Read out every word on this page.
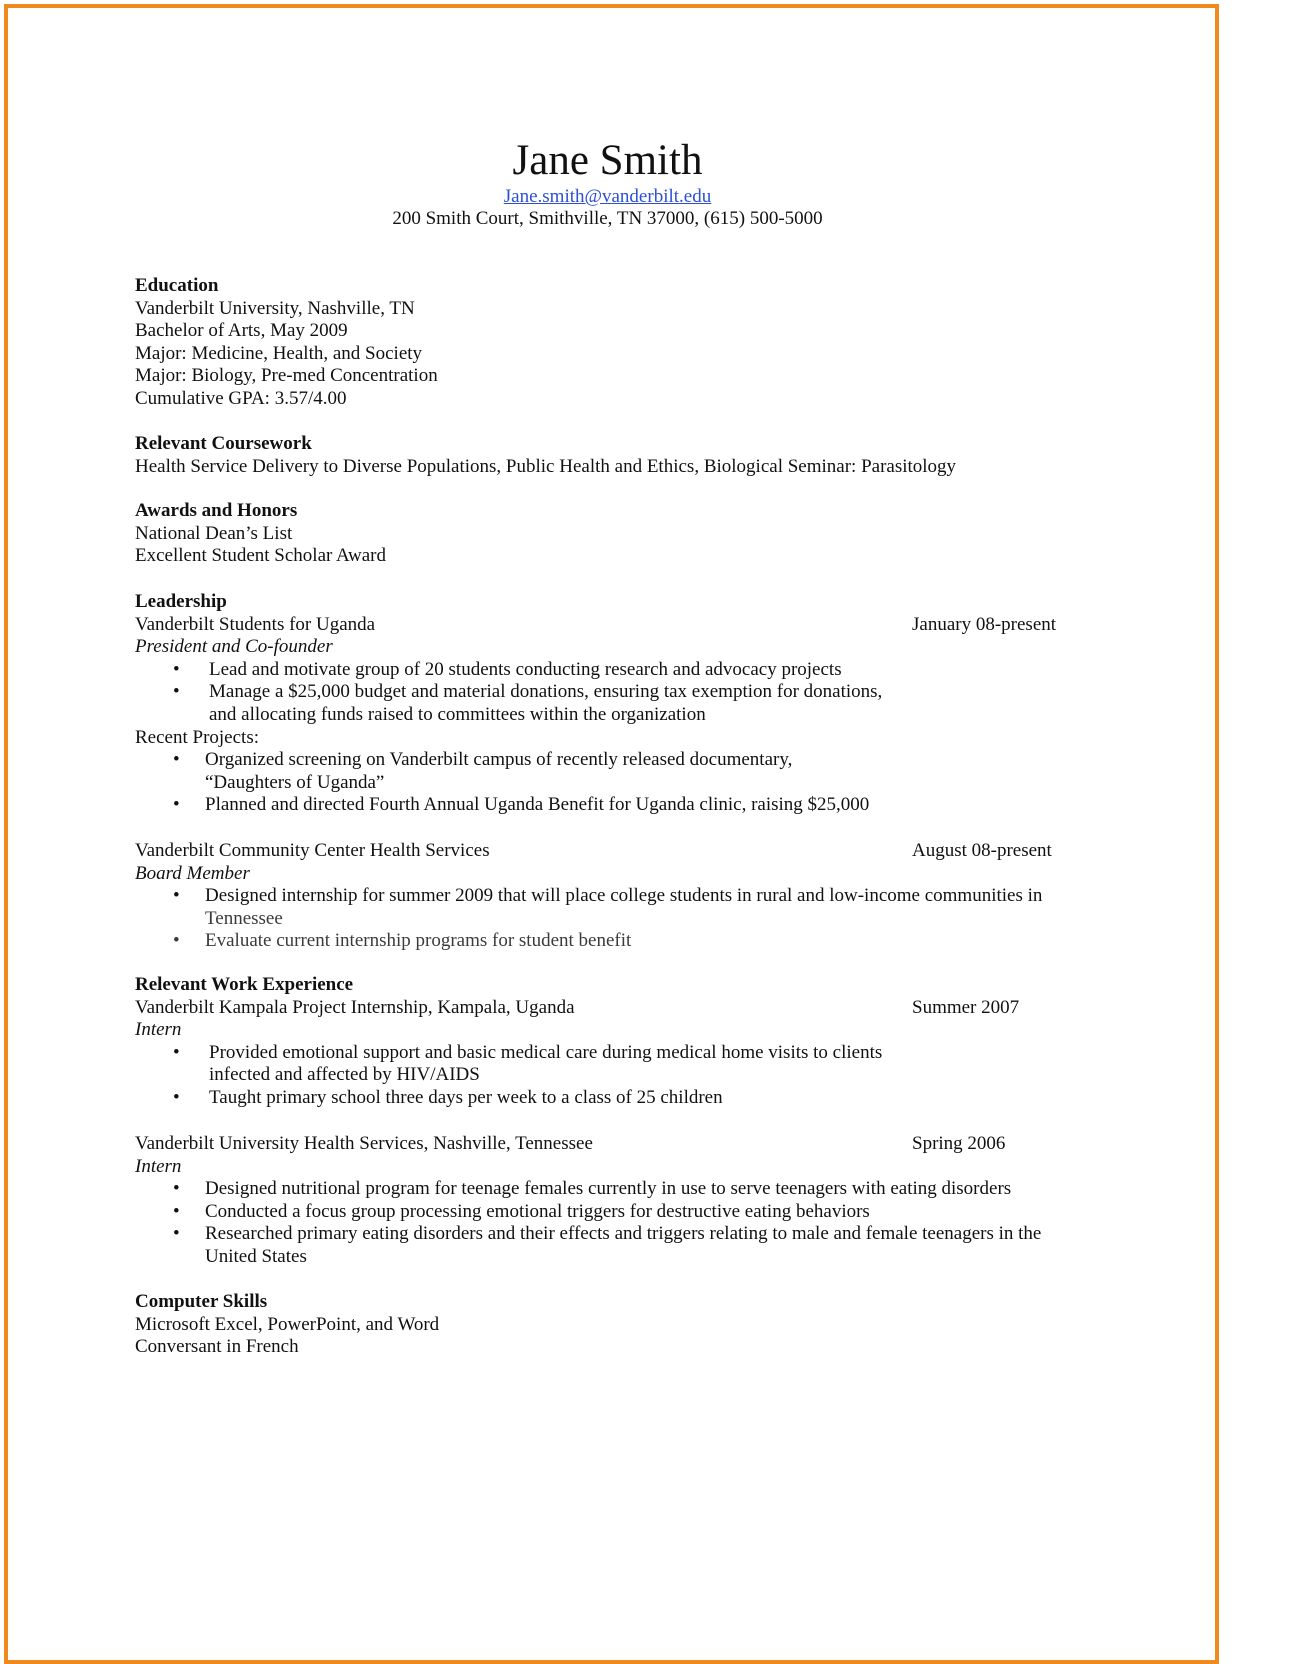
Jane Smith
Jane.smith@vanderbilt.edu
200 Smith Court, Smithville, TN 37000, (615) 500-5000
Education
Vanderbilt University, Nashville, TN
Bachelor of Arts, May 2009
Major: Medicine, Health, and Society
Major: Biology, Pre-med Concentration
Cumulative GPA: 3.57/4.00
Relevant Coursework
Health Service Delivery to Diverse Populations, Public Health and Ethics, Biological Seminar: Parasitology
Awards and Honors
National Dean’s List
Excellent Student Scholar Award
Leadership
Vanderbilt Students for Uganda	January 08-present
President and Co-founder
• Lead and motivate group of 20 students conducting research and advocacy projects
• Manage a $25,000 budget and material donations, ensuring tax exemption for donations,
and allocating funds raised to committees within the organization
Recent Projects:
• Organized screening on Vanderbilt campus of recently released documentary,
“Daughters of Uganda”
• Planned and directed Fourth Annual Uganda Benefit for Uganda clinic, raising $25,000
Vanderbilt Community Center Health Services	August 08-present
Board Member
• Designed internship for summer 2009 that will place college students in rural and low-income communities in
Tennessee
• Evaluate current internship programs for student benefit
Relevant Work Experience
Vanderbilt Kampala Project Internship, Kampala, Uganda	Summer 2007
Intern
• Provided emotional support and basic medical care during medical home visits to clients
infected and affected by HIV/AIDS
• Taught primary school three days per week to a class of 25 children
Vanderbilt University Health Services, Nashville, Tennessee	Spring 2006
Intern
• Designed nutritional program for teenage females currently in use to serve teenagers with eating disorders
• Conducted a focus group processing emotional triggers for destructive eating behaviors
• Researched primary eating disorders and their effects and triggers relating to male and female teenagers in the
United States
Computer Skills
Microsoft Excel, PowerPoint, and Word
Conversant in French
